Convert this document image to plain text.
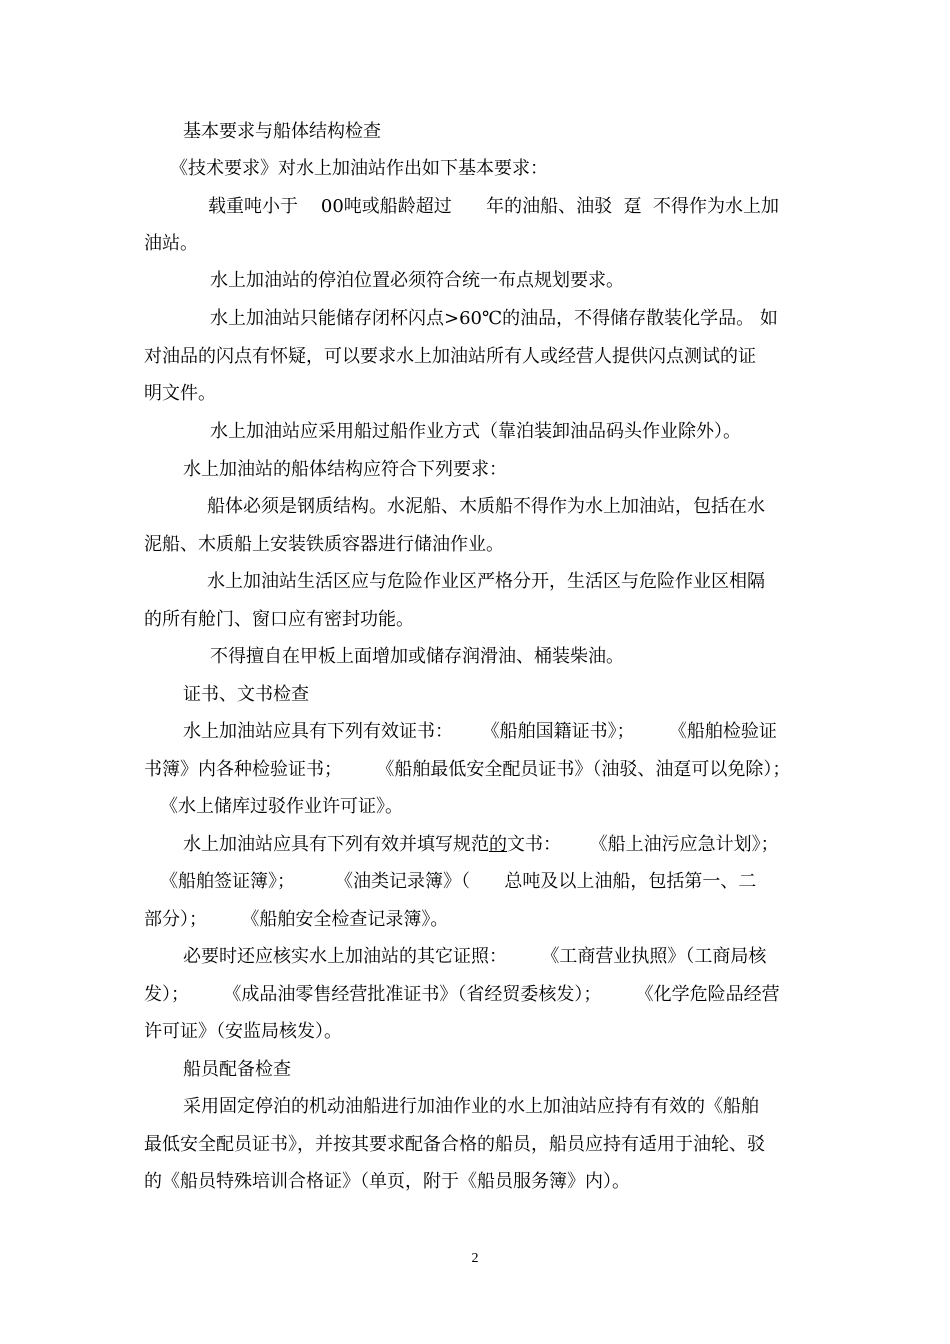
基本要求与船体结构检查
《技术要求》对水上加油站作出如下基本要求：
载重吨小于    00吨或船龄超过      年的油船、油驳  趸  不得作为水上加
油站。
水上加油站的停泊位置必须符合统一布点规划要求。
水上加油站只能储存闭杯闪点>60℃的油品，不得储存散装化学品。 如
对油品的闪点有怀疑，可以要求水上加油站所有人或经营人提供闪点测试的证
明文件。
水上加油站应采用船过船作业方式（靠泊装卸油品码头作业除外）。
水上加油站的船体结构应符合下列要求：
船体必须是钢质结构。水泥船、木质船不得作为水上加油站，包括在水
泥船、木质船上安装铁质容器进行储油作业。
水上加油站生活区应与危险作业区严格分开，生活区与危险作业区相隔
的所有舱门、窗口应有密封功能。
不得擅自在甲板上面增加或储存润滑油、桶装柴油。
证书、文书检查
水上加油站应具有下列有效证书：     《船舶国籍证书》；      《船舶检验证
书簿》内各种检验证书；      《船舶最低安全配员证书》（油驳、油趸可以免除）；
《水上储库过驳作业许可证》。
水上加油站应具有下列有效并填写规范的文书：     《船上油污应急计划》；
《船舶签证簿》；       《油类记录簿》（      总吨及以上油船，包括第一、二
部分）；      《船舶安全检查记录簿》。
必要时还应核实水上加油站的其它证照：      《工商营业执照》（工商局核
发）；      《成品油零售经营批准证书》（省经贸委核发）；      《化学危险品经营
许可证》（安监局核发）。
船员配备检查
采用固定停泊的机动油船进行加油作业的水上加油站应持有有效的《船舶
最低安全配员证书》，并按其要求配备合格的船员，船员应持有适用于油轮、驳
的《船员特殊培训合格证》（单页，附于《船员服务簿》内）。
2
